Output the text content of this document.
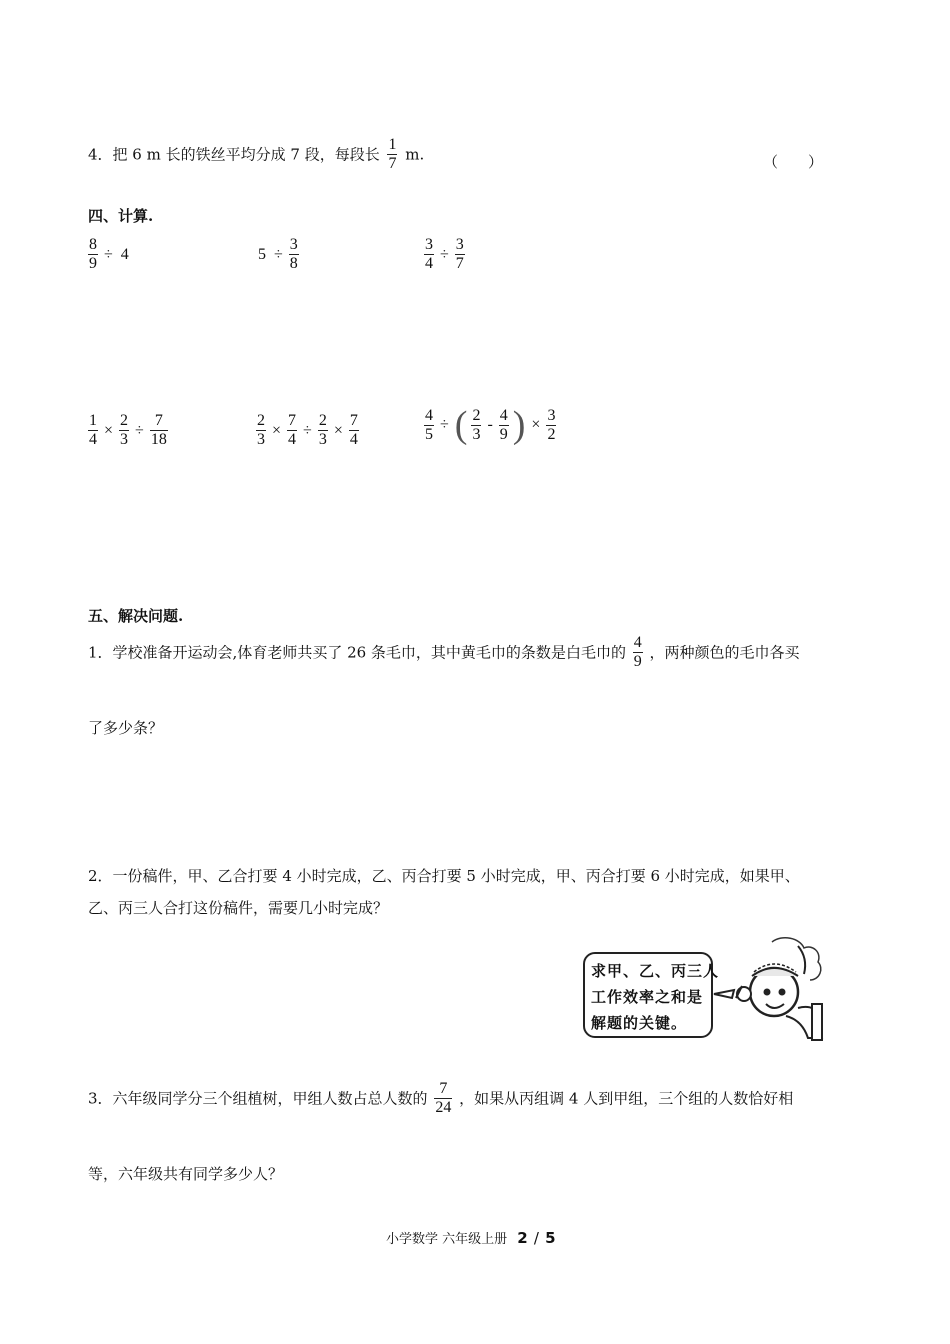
4．把 6 m 长的铁丝平均分成 7 段，每段长 $\frac{1}{7} m$.	（　　）
四、计算.
$\frac{8}{9} \div 4$	$5 \div \frac{3}{8}$	$\frac{3}{4} \div \frac{3}{7}$
$\frac{1}{4} \times \frac{2}{3} \div \frac{7}{18}$	$\frac{2}{3} \times \frac{7}{4} \div \frac{2}{3} \times \frac{7}{4}$	$\frac{4}{5}$ ÷ ( $\frac{2}{3} - \frac{4}{9}$ ) × $\frac{3}{2}$
五、解决问题.
1．学校准备开运动会,体育老师共买了 26 条毛巾，其中黄毛巾的条数是白毛巾的 $\frac{4}{9}$ ，两种颜色的毛巾各买
了多少条？
2．一份稿件，甲、乙合打要 4 小时完成，乙、丙合打要 5 小时完成，甲、丙合打要 6 小时完成，如果甲、
乙、丙三人合打这份稿件，需要几小时完成？
求甲、乙、丙三人
工作效率之和是
解题的关键。
3．六年级同学分三个组植树，甲组人数占总人数的 $\frac{7}{24}$ ，如果从丙组调 4 人到甲组，三个组的人数恰好相
等，六年级共有同学多少人？
小学数学 六年级上册 2 / 5
